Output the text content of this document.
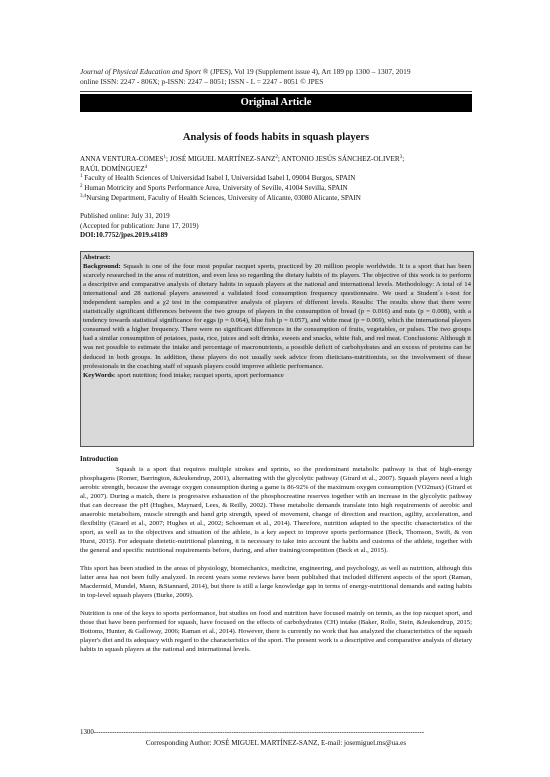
Journal of Physical Education and Sport ® (JPES), Vol 19 (Supplement issue 4), Art 189 pp 1300 – 1307, 2019
online ISSN: 2247 - 806X; p-ISSN: 2247 – 8051; ISSN - L = 2247 - 8051 © JPES
Original Article
Analysis of foods habits in squash players
ANNA VENTURA-COMES$^1$; JOSÉ MIGUEL MARTÍNEZ-SANZ$^2$; ANTONIO JESÚS SÁNCHEZ-OLIVER$^3$;
RAÚL DOMÍNGUEZ$^4$
$^1$ Faculty of Health Sciences of Universidad Isabel I, Universidad Isabel I, 09004 Burgos, SPAIN
$^2$ Human Motricity and Sports Performance Area, University of Seville, 41004 Sevilla, SPAIN
$^{3,4}$Nursing Department, Faculty of Health Sciences, University of Alicante, 03080 Alicante, SPAIN
Published online: July 31, 2019
(Accepted for publication: June 17, 2019)
DOI:10.7752/jpes.2019.s4189

Abstract:

Background: Squash is one of the four most popular racquet sports, practiced by 20 million people worldwide. It is a sport that has been scarcely researched in the area of nutrition, and even less so regarding the dietary habits of its players. The objective of this work is to perform a descriptive and comparative analysis of dietary habits in squash players at the national and international levels. Methodology: A total of 14 international and 28 national players answered a validated food consumption frequency questionnaire. We used a Student´s t-test for independent samples and a χ2 test in the comparative analysis of players of different levels. Results: The results show that there were statistically significant differences between the two groups of players in the consumption of bread (p = 0.016) and nuts (p = 0.008), with a tendency towards statistical significance for eggs (p = 0.064), blue fish (p = 0.057), and white meat (p = 0.069), which the international players consumed with a higher frequency. There were no significant differences in the consumption of fruits, vegetables, or pulses. The two groups had a similar consumption of potatoes, pasta, rice, juices and soft drinks, sweets and snacks, white fish, and red meat. Conclusions: Although it was not possible to estimate the intake and percentage of macronutrients, a possible deficit of carbohydrates and an excess of proteins can be deduced in both groups. In addition, these players do not usually seek advice from dieticians-nutritionists, so the involvement of these professionals in the coaching staff of squash players could improve athletic performance.

KeyWords: sport nutrition; food intake; racquet sports, sport performance

Introduction

Squash is a sport that requires multiple strokes and sprints, so the predominant metabolic pathway is that of high-energy phosphagens (Romer, Barrington, &Jeukendrup, 2001), alternating with the glycolytic pathway (Girard et al., 2007). Squash players need a high aerobic strength, because the average oxygen consumption during a game is 86-92% of the maximum oxygen consumption (VO2max) (Girard et al., 2007). During a match, there is progressive exhaustion of the phosphocreatine reserves together with an increase in the glycolytic pathway that can decrease the pH (Hughes, Maynard, Lees, & Reilly, 2002). These metabolic demands translate into high requirements of aerobic and anaerobic metabolism, muscle strength and hand grip strength, speed of movement, change of direction and reaction, agility, acceleration, and flexibility (Girard et al., 2007; Hughes et al., 2002; Schoeman et al., 2014). Therefore, nutrition adapted to the specific characteristics of the sport, as well as to the objectives and situation of the athlete, is a key aspect to improve sports performance (Beck, Thomson, Swift, & von Hurst, 2015). For adequate dietetic-nutritional planning, it is necessary to take into account the habits and customs of the athlete, together with the general and specific nutritional requirements before, during, and after training/competition (Beck et al., 2015).

This sport has been studied in the areas of physiology, biomechanics, medicine, engineering, and psychology, as well as nutrition, although this latter area has not been fully analyzed. In recent years some reviews have been published that included different aspects of the sport (Raman, Macdermid, Mundel, Mann, &Stannard, 2014), but there is still a large knowledge gap in terms of energy-nutritional demands and eating habits in top-level squash players (Burke, 2009).

Nutrition is one of the keys to sports performance, but studies on food and nutrition have focused mainly on tennis, as the top racquet sport, and those that have been performed for squash, have focused on the effects of carbohydrates (CH) intake (Baker, Rollo, Stein, &Jeukendrup, 2015; Bottoms, Hunter, & Galloway, 2006; Raman et al., 2014). However, there is currently no work that has analyzed the characteristics of the squash player's diet and its adequacy with regard to the characteristics of the sport. The present work is a descriptive and comparative analysis of dietary habits in squash players at the national and international levels.

1300------------------------------------------------------------------------------------------------------------------------------------------------
Corresponding Author: JOSÉ MIGUEL MARTÍNEZ-SANZ, E-mail: josemiguel.ms@ua.es
